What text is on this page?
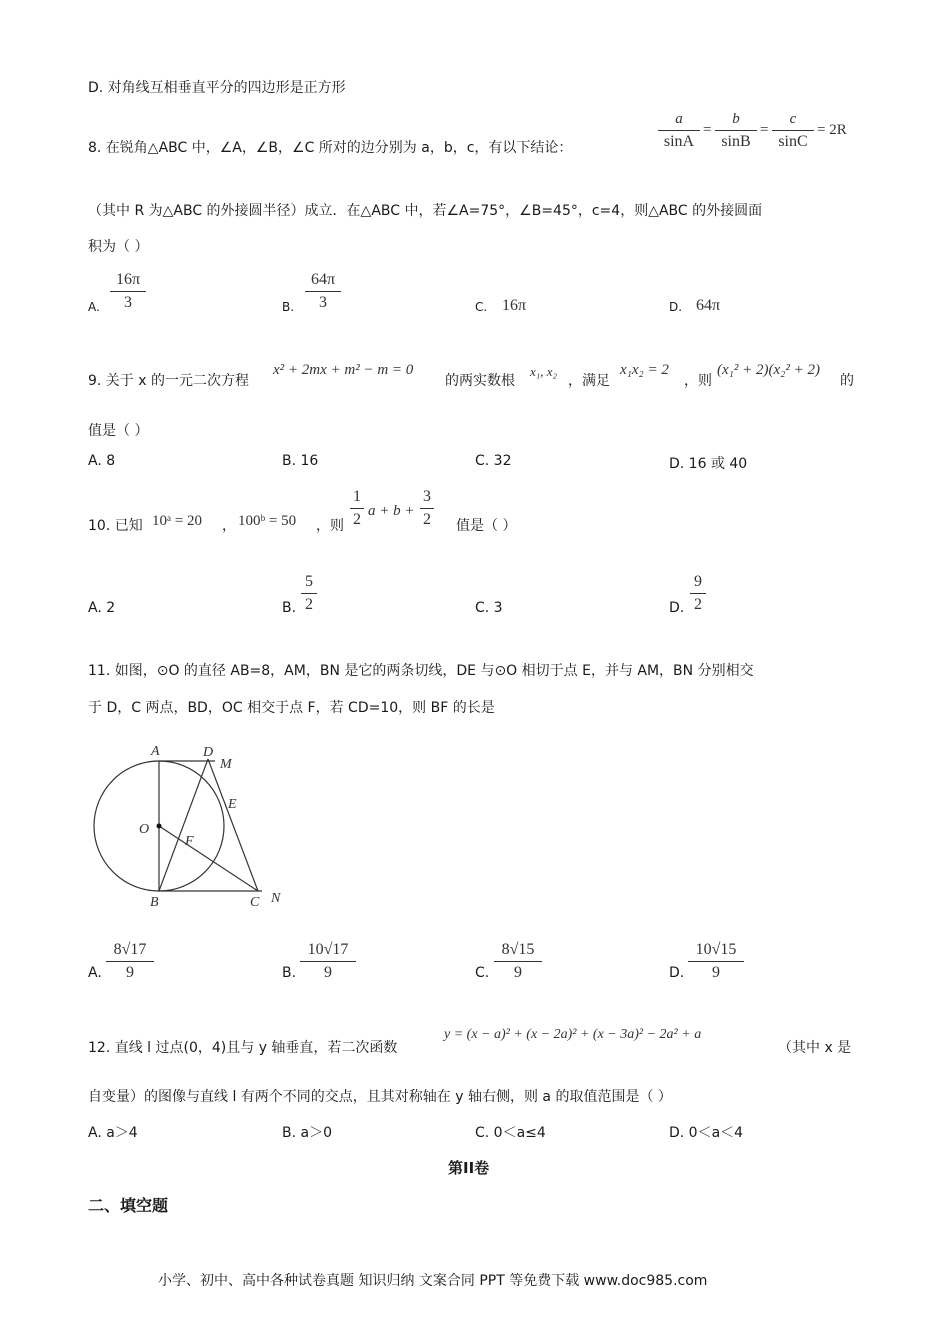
D. 对角线互相垂直平分的四边形是正方形
8. 在锐角△ABC 中，∠A，∠B，∠C 所对的边分别为 a，b，c，有以下结论：	$\frac{a}{\sin A} = \frac{b}{\sin B} = \frac{c}{\sin C} = 2R$
（其中 R 为△ABC 的外接圆半径）成立．在△ABC 中，若∠A=75°，∠B=45°，c=4，则△ABC 的外接圆面
积为（ ）
A. $\frac{16\pi}{3}$	B. $\frac{64\pi}{3}$	C. 16π	D. 64π
9. 关于 x 的一元二次方程
x² + 2mx + m² − m = 0
的两实数根
x₁, x₂
，满足
x₁x₂ = 2
，则
(x₁² + 2)(x₂² + 2)
的
值是（ ）
A. 8	B. 16	C. 32	D. 16 或 40
10. 已知 10ᵃ = 20 ， 100ᵇ = 50 ，则 $\frac{1}{2}$ $a + b + \frac{3}{2}$ 值是（ ）
A. 2	B. $\frac{5}{2}$	C. 3	D. $\frac{9}{2}$
11. 如图，⊙O 的直径 AB=8，AM，BN 是它的两条切线，DE 与⊙O 相切于点 E，并与 AM，BN 分别相交
于 D，C 两点，BD，OC 相交于点 F，若 CD=10，则 BF 的长是
A	D
M
E
O
F
B	C N
A. $\frac{8√17}{9}$	B. $\frac{10√17}{9}$	C. $\frac{8√15}{9}$	D. $\frac{10√15}{9}$
12. 直线 l 过点(0，4)且与 y 轴垂直，若二次函数
y = (x − a)² + (x − 2a)² + (x − 3a)² − 2a² + a
（其中 x 是
自变量）的图像与直线 l 有两个不同的交点，且其对称轴在 y 轴右侧，则 a 的取值范围是（ ）
A. a＞4	B. a＞0	C. 0＜a≤4	D. 0＜a＜4
第II卷
二、填空题
小学、初中、高中各种试卷真题 知识归纳 文案合同 PPT 等免费下载 www.doc985.com
